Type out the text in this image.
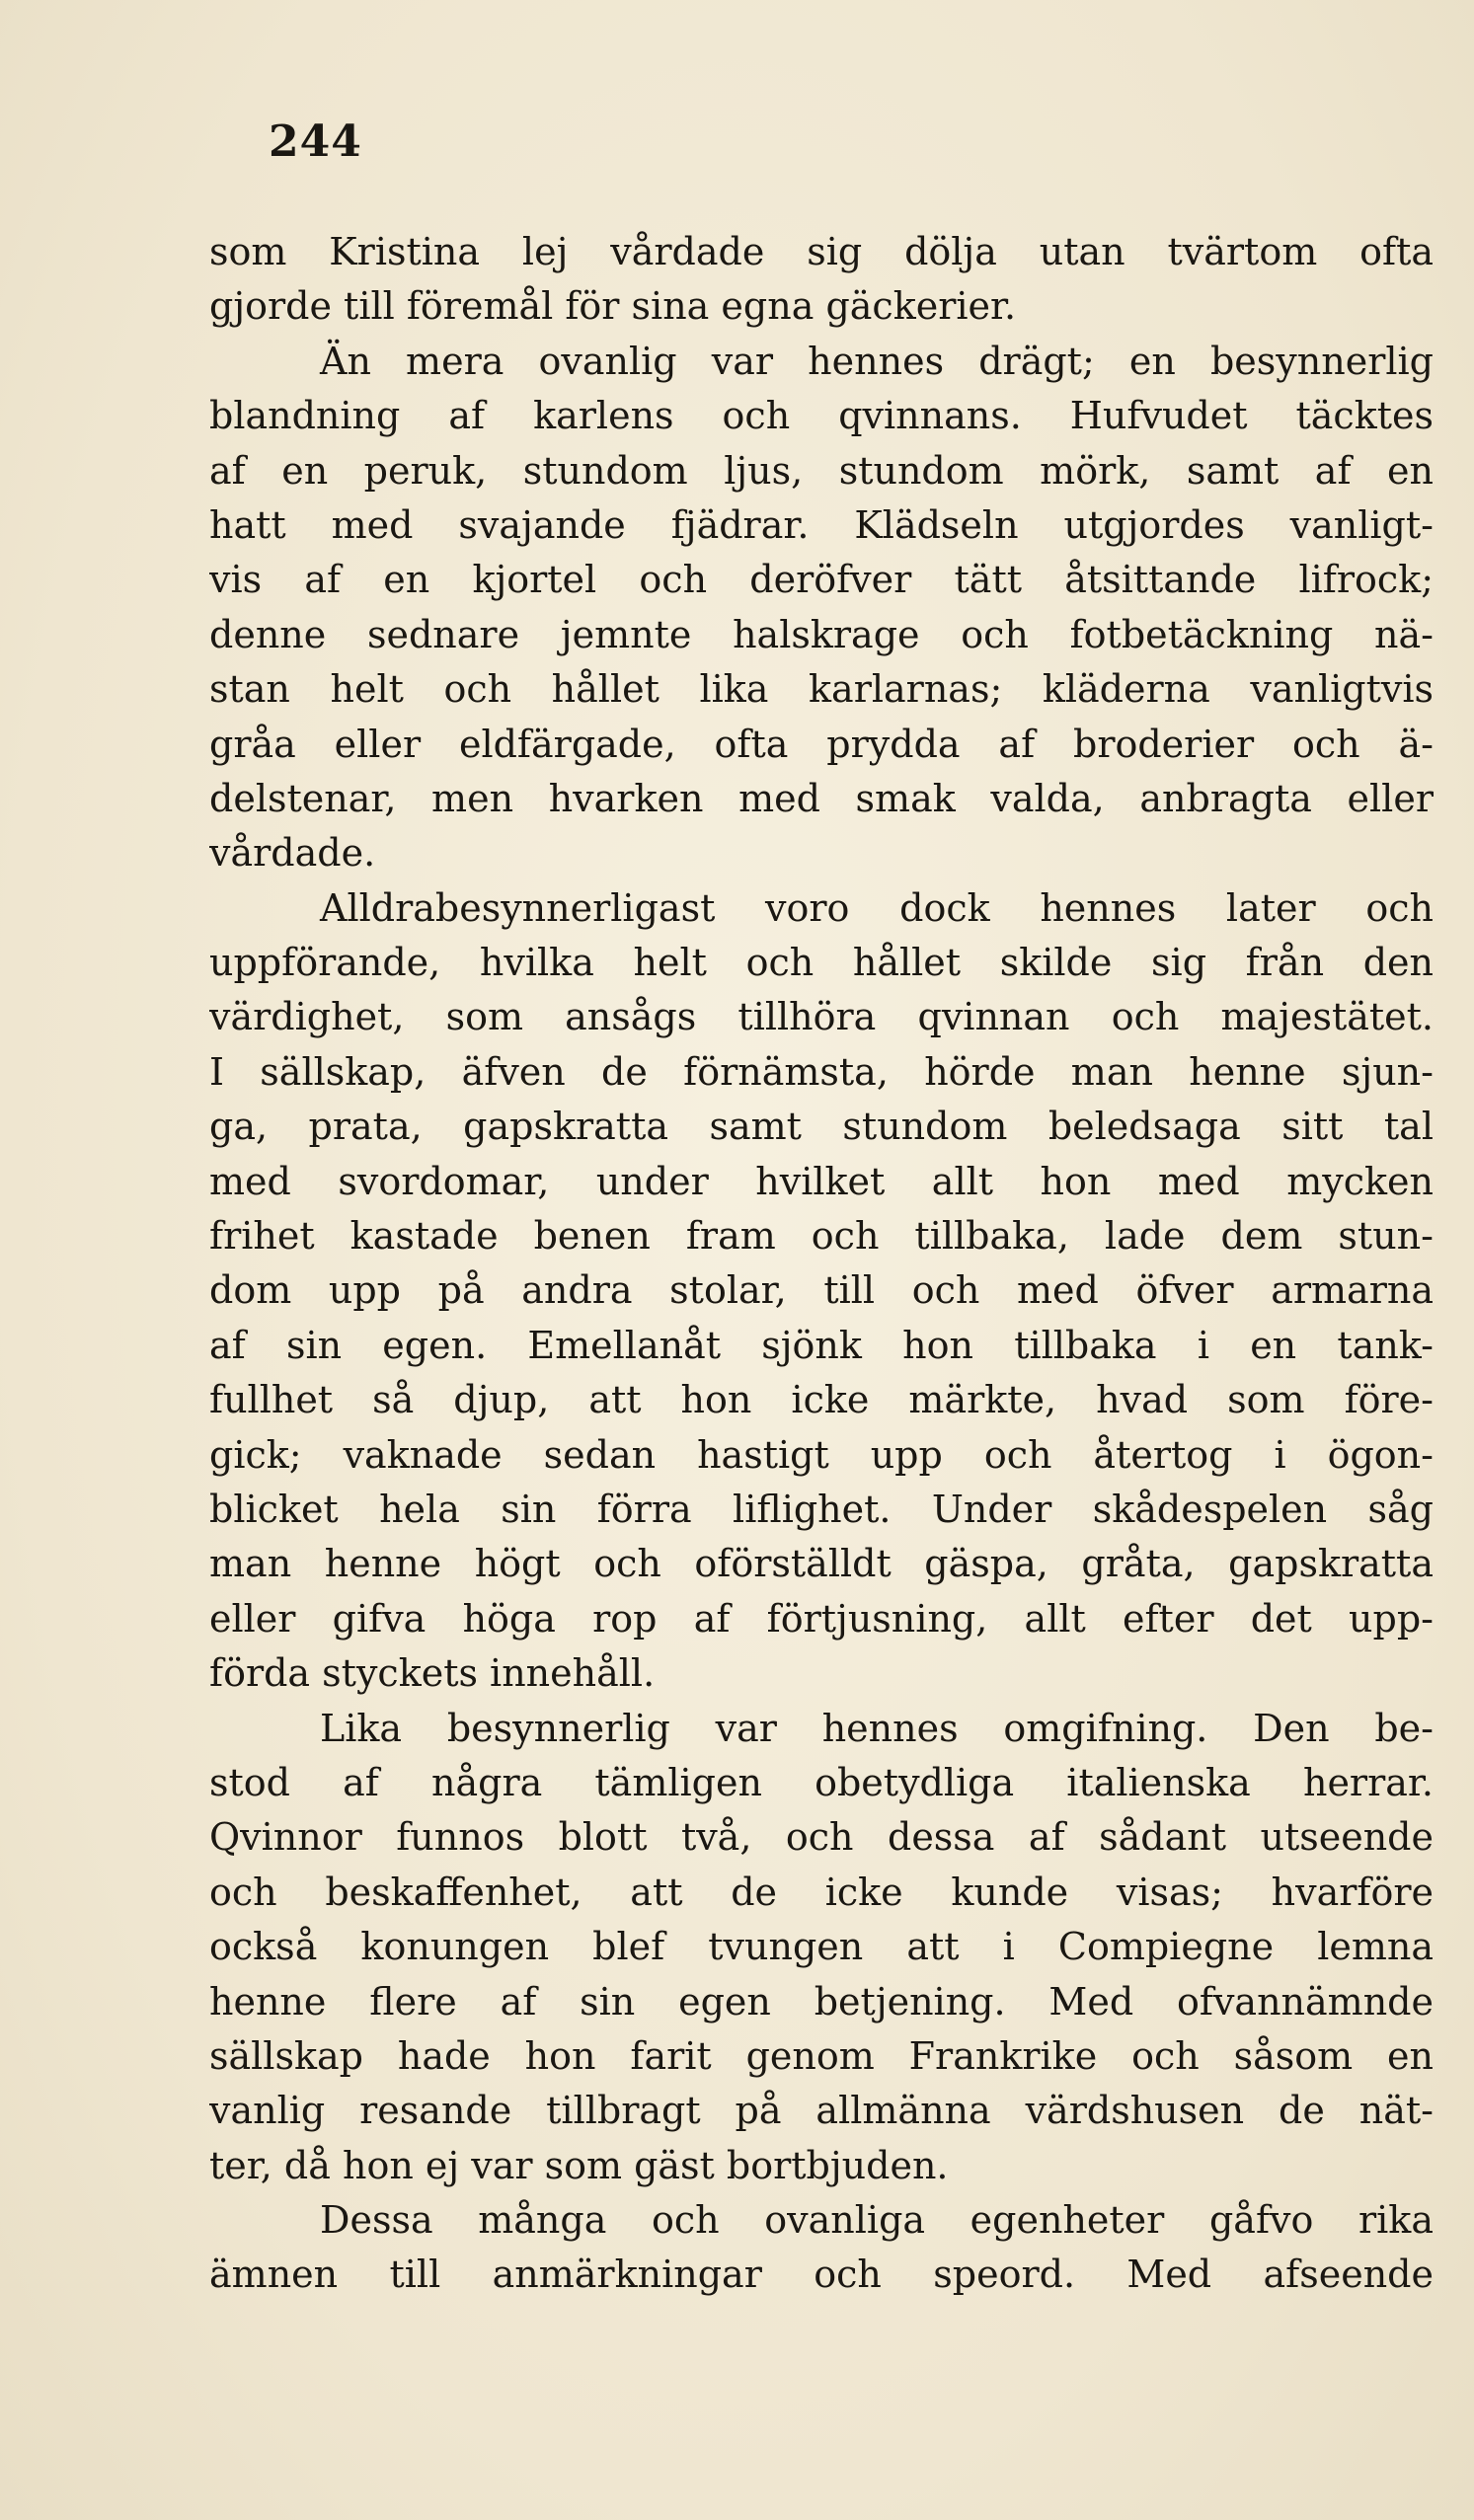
244
som Kristina lej vårdade sig dölja utan tvärtom ofta
gjorde till föremål för sina egna gäckerier.
Än mera ovanlig var hennes drägt; en besynnerlig
blandning af karlens och qvinnans. Hufvudet täcktes
af en peruk, stundom ljus, stundom mörk, samt af en
hatt med svajande fjädrar. Klädseln utgjordes vanligt-
vis af en kjortel och deröfver tätt åtsittande lifrock;
denne sednare jemnte halskrage och fotbetäckning nä-
stan helt och hållet lika karlarnas; kläderna vanligtvis
gråa eller eldfärgade, ofta prydda af broderier och ä-
delstenar, men hvarken med smak valda, anbragta eller
vårdade.
Alldrabesynnerligast voro dock hennes later och
uppförande, hvilka helt och hållet skilde sig från den
värdighet, som ansågs tillhöra qvinnan och majestätet.
I sällskap, äfven de förnämsta, hörde man henne sjun-
ga, prata, gapskratta samt stundom beledsaga sitt tal
med svordomar, under hvilket allt hon med mycken
frihet kastade benen fram och tillbaka, lade dem stun-
dom upp på andra stolar, till och med öfver armarna
af sin egen. Emellanåt sjönk hon tillbaka i en tank-
fullhet så djup, att hon icke märkte, hvad som före-
gick; vaknade sedan hastigt upp och återtog i ögon-
blicket hela sin förra liflighet. Under skådespelen såg
man henne högt och oförställdt gäspa, gråta, gapskratta
eller gifva höga rop af förtjusning, allt efter det upp-
förda styckets innehåll.
Lika besynnerlig var hennes omgifning. Den be-
stod af några tämligen obetydliga italienska herrar.
Qvinnor funnos blott två, och dessa af sådant utseende
och beskaffenhet, att de icke kunde visas; hvarföre
också konungen blef tvungen att i Compiegne lemna
henne flere af sin egen betjening. Med ofvannämnde
sällskap hade hon farit genom Frankrike och såsom en
vanlig resande tillbragt på allmänna värdshusen de nät-
ter, då hon ej var som gäst bortbjuden.
Dessa många och ovanliga egenheter gåfvo rika
ämnen till anmärkningar och speord. Med afseende
